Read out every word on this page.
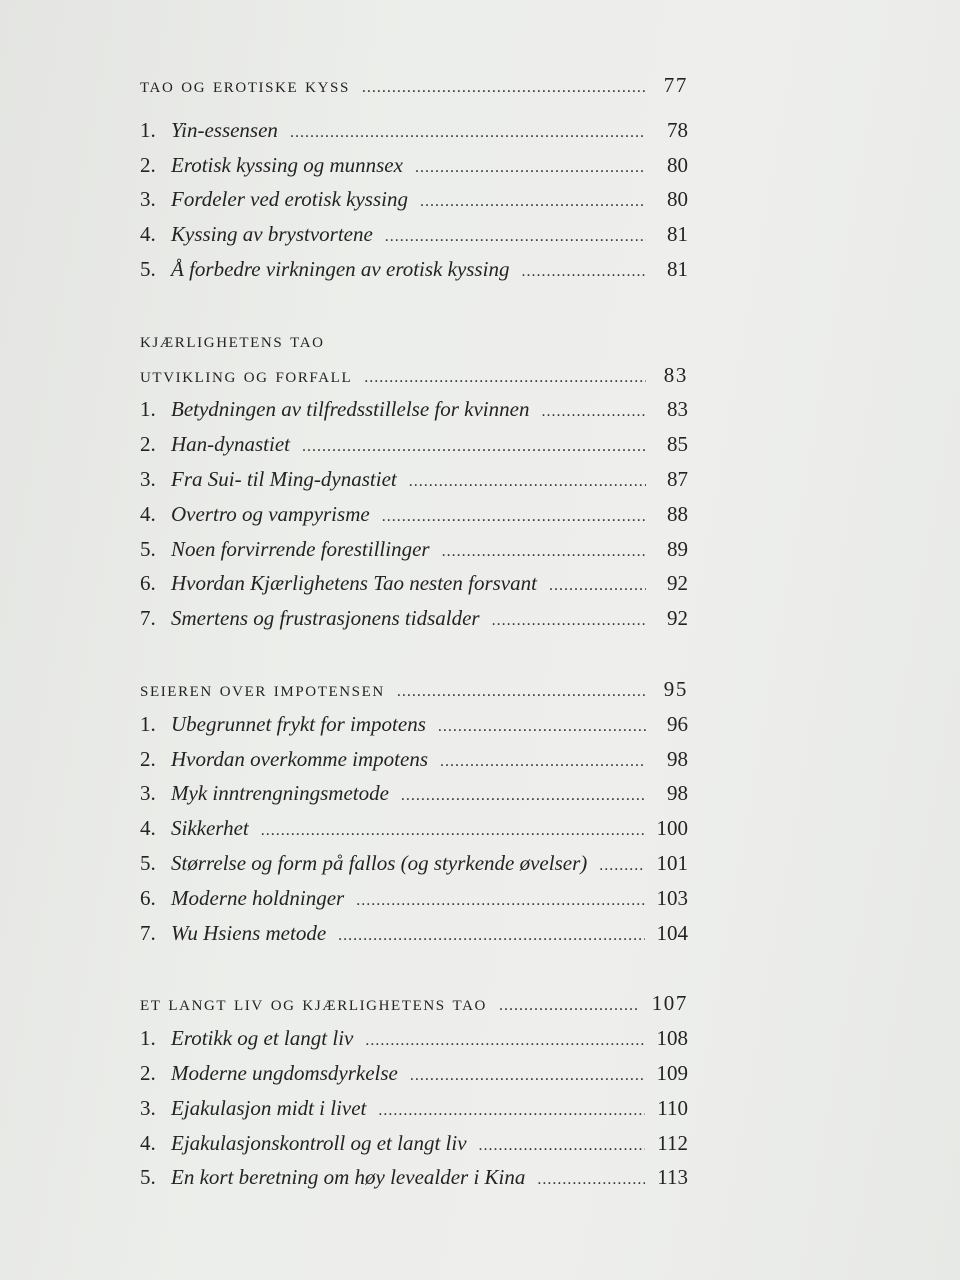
tao og erotiske kyss .....	77
1. Yin-essensen .....	78
2. Erotisk kyssing og munnsex .....	80
3. Fordeler ved erotisk kyssing .....	80
4. Kyssing av brystvortene .....	81
5. Å forbedre virkningen av erotisk kyssing .....	81
kjærlighetens tao
utvikling og forfall .....	83
1. Betydningen av tilfredsstillelse for kvinnen .....	83
2. Han-dynastiet .....	85
3. Fra Sui- til Ming-dynastiet .....	87
4. Overtro og vampyrisme .....	88
5. Noen forvirrende forestillinger .....	89
6. Hvordan Kjærlighetens Tao nesten forsvant .....	92
7. Smertens og frustrasjonens tidsalder .....	92
seieren over impotensen .....	95
1. Ubegrunnet frykt for impotens .....	96
2. Hvordan overkomme impotens .....	98
3. Myk inntrengningsmetode .....	98
4. Sikkerhet .....	100
5. Størrelse og form på fallos (og styrkende øvelser) .....	101
6. Moderne holdninger .....	103
7. Wu Hsiens metode .....	104
et langt liv og kjærlighetens tao .....	107
1. Erotikk og et langt liv .....	108
2. Moderne ungdomsdyrkelse .....	109
3. Ejakulasjon midt i livet .....	110
4. Ejakulasjonskontroll og et langt liv .....	112
5. En kort beretning om høy levealder i Kina .....	113
